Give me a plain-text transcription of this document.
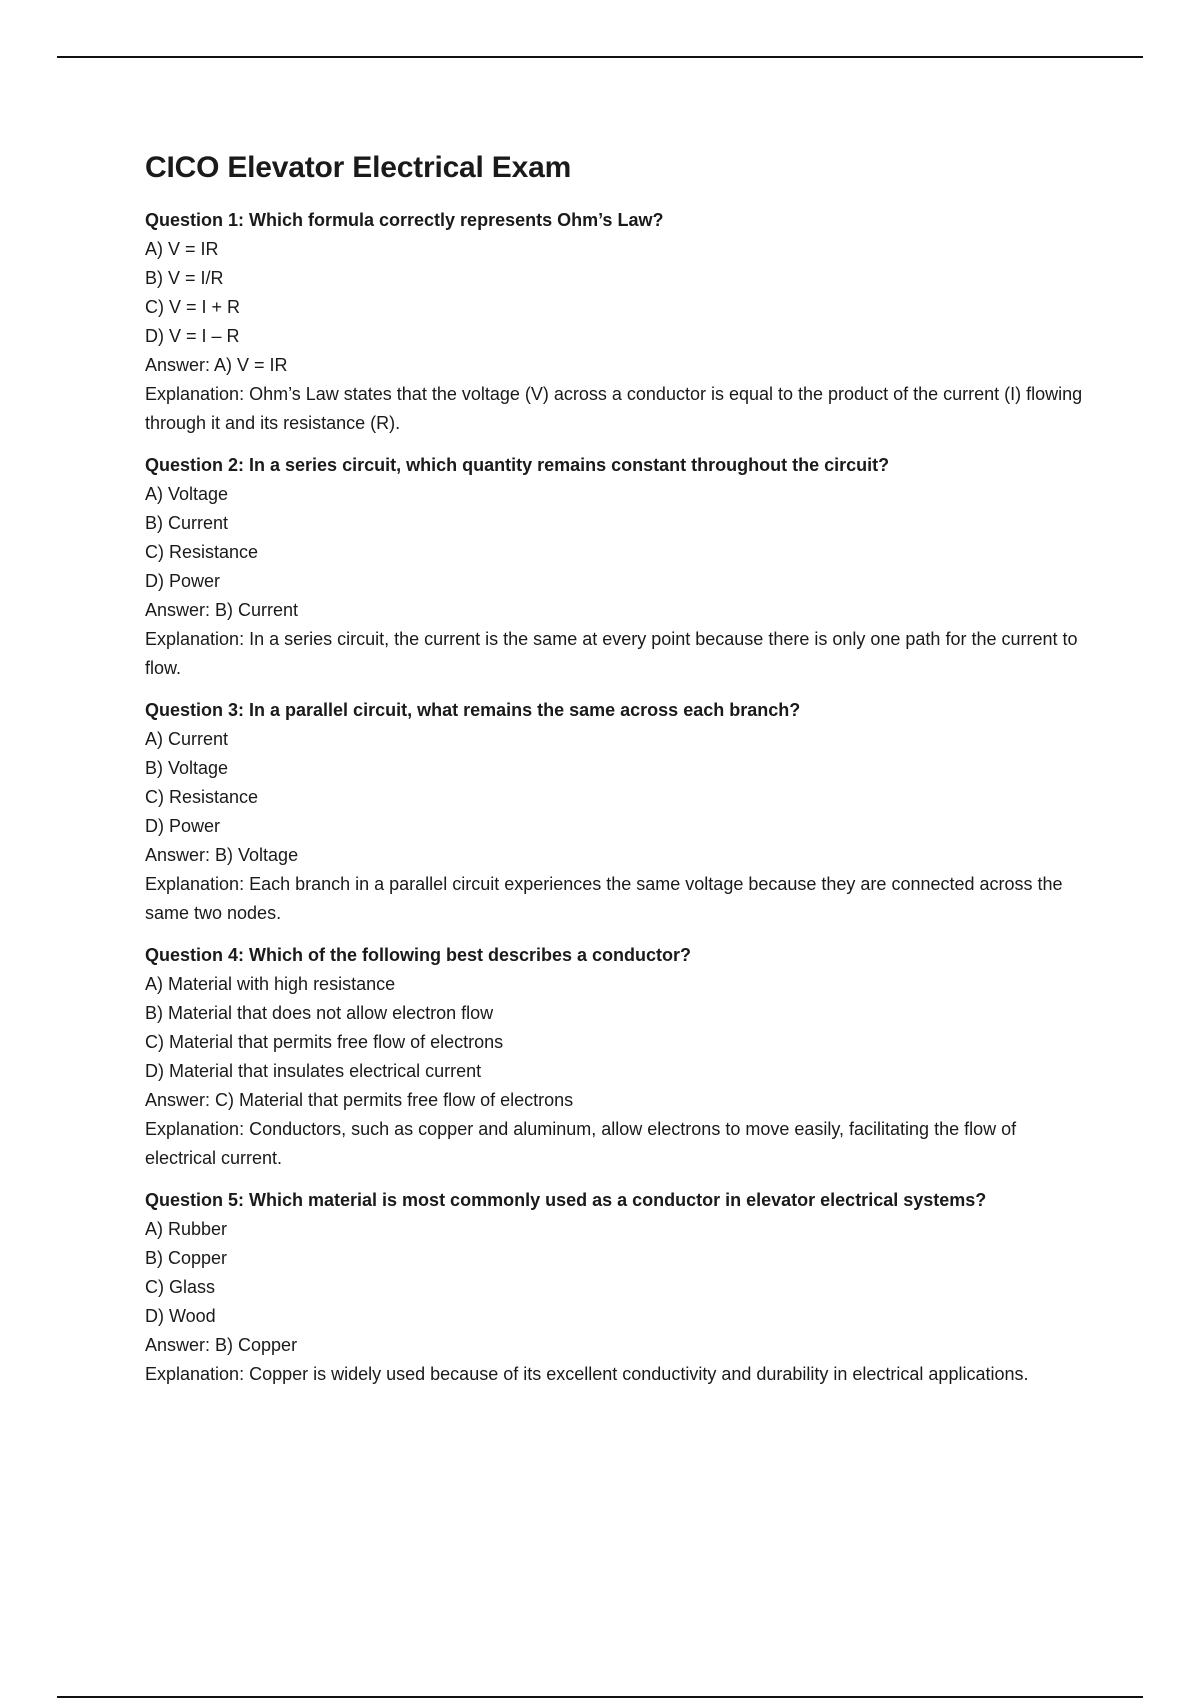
CICO Elevator Electrical Exam

Question 1: Which formula correctly represents Ohm’s Law?

A) V = IR

B) V = I/R

C) V = I + R

D) V = I – R

Answer: A) V = IR

Explanation: Ohm’s Law states that the voltage (V) across a conductor is equal to the product of the current (I) flowing through it and its resistance (R).

Question 2: In a series circuit, which quantity remains constant throughout the circuit?

A) Voltage

B) Current

C) Resistance

D) Power

Answer: B) Current

Explanation: In a series circuit, the current is the same at every point because there is only one path for the current to flow.

Question 3: In a parallel circuit, what remains the same across each branch?

A) Current

B) Voltage

C) Resistance

D) Power

Answer: B) Voltage

Explanation: Each branch in a parallel circuit experiences the same voltage because they are connected across the same two nodes.

Question 4: Which of the following best describes a conductor?

A) Material with high resistance

B) Material that does not allow electron flow

C) Material that permits free flow of electrons

D) Material that insulates electrical current

Answer: C) Material that permits free flow of electrons

Explanation: Conductors, such as copper and aluminum, allow electrons to move easily, facilitating the flow of electrical current.

Question 5: Which material is most commonly used as a conductor in elevator electrical systems?

A) Rubber

B) Copper

C) Glass

D) Wood

Answer: B) Copper

Explanation: Copper is widely used because of its excellent conductivity and durability in electrical applications.
